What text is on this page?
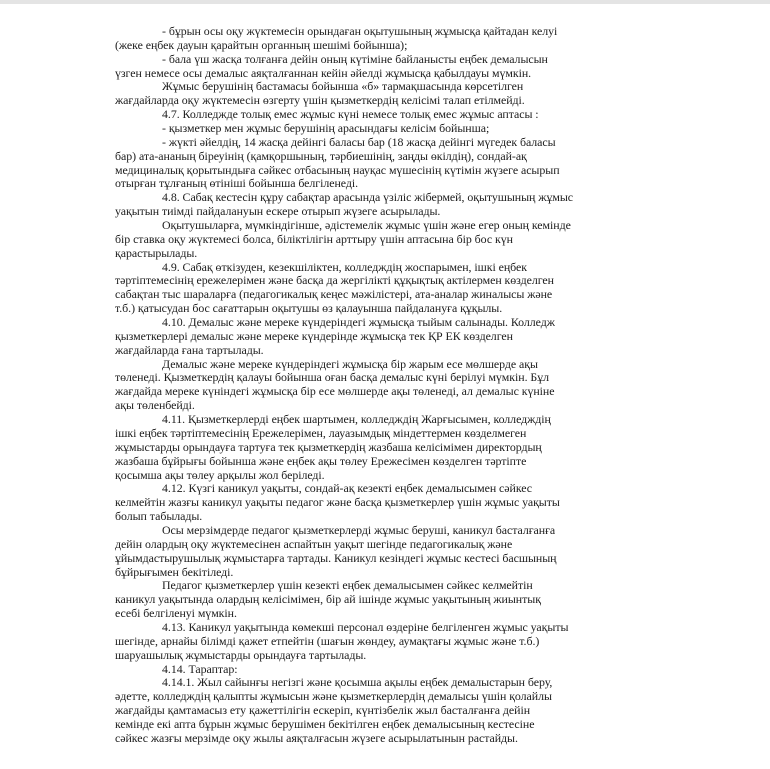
- бұрын осы оқу жүктемесін орындаған оқытушының жұмысқа қайтадан келуі
(жеке еңбек дауын қарайтын органның шешімі бойынша);
- бала үш жасқа толғанға дейін оның күтіміне байланысты еңбек демалысын
үзген немесе осы демалыс аяқталғаннан кейін әйелді жұмысқа қабылдауы мүмкін.
Жұмыс берушінің бастамасы бойынша «б» тармақшасында көрсетілген
жағдайларда оқу жүктемесін өзгерту үшін қызметкердің келісімі талап етілмейді.
4.7. Колледжде толық емес жұмыс күні немесе толық емес жұмыс аптасы :
- қызметкер мен жұмыс берушінің арасындағы келісім бойынша;
- жүкті әйелдің, 14 жасқа дейінгі баласы бар (18 жасқа дейінгі мүгедек баласы
бар) ата-ананың біреуінің (қамқоршының, тәрбиешінің, заңды өкілдің), сондай-ақ
медициналық қорытындыға сәйкес отбасының науқас мүшесінің күтімін жүзеге асырып
отырған тұлғаның өтініші бойынша белгіленеді.
4.8. Сабақ кестесін құру сабақтар арасында үзіліс жібермей, оқытушының жұмыс
уақытын тиімді пайдалануын ескере отырып жүзеге асырылады.
Оқытушыларға, мүмкіндігінше, әдістемелік жұмыс үшін және егер оның кемінде
бір ставка оқу жүктемесі болса, біліктілігін арттыру үшін аптасына бір бос күн
қарастырылады.
4.9. Сабақ өткізуден, кезекшіліктен, колледждің жоспарымен, ішкі еңбек
тәртіптемесінің ережелерімен және басқа да жергілікті құқықтық актілермен көзделген
сабақтан тыс шараларға (педагогикалық кеңес мәжілістері, ата-аналар жиналысы және
т.б.) қатысудан бос сағаттарын оқытушы өз қалауынша пайдалануға құқылы.
4.10. Демалыс және мереке күндеріндегі жұмысқа тыйым салынады. Колледж
қызметкерлері демалыс және мереке күндерінде жұмысқа тек ҚР ЕК көзделген
жағдайларда ғана тартылады.
Демалыс және мереке күндеріндегі жұмысқа бір жарым есе мөлшерде ақы
төленеді. Қызметкердің қалауы бойынша оған басқа демалыс күні берілуі мүмкін. Бұл
жағдайда мереке күніндегі жұмысқа бір есе мөлшерде ақы төленеді, ал демалыс күніне
ақы төленбейді.
4.11. Қызметкерлерді еңбек шартымен, колледждің Жарғысымен, колледждің
ішкі еңбек тәртіптемесінің Ережелерімен, лауазымдық міндеттермен көзделмеген
жұмыстарды орындауға тартуға тек қызметкердің жазбаша келісімімен директордың
жазбаша бұйрығы бойынша және еңбек ақы төлеу Ережесімен көзделген тәртіпте
қосымша ақы төлеу арқылы жол беріледі.
4.12. Күзгі каникул уақыты, сондай-ақ кезекті еңбек демалысымен сәйкес
келмейтін жазғы каникул уақыты педагог және басқа қызметкерлер үшін жұмыс уақыты
болып табылады.
Осы мерзімдерде педагог қызметкерлерді жұмыс берушi, каникул басталғанға
дейін олардың оқу жүктемесінен аспайтын уақыт шегінде педагогикалық және
ұйымдастырушылық жұмыстарға тартады. Каникул кезіндегі жұмыс кестесі басшының
бұйрығымен бекітіледі.
Педагог қызметкерлер үшін кезекті еңбек демалысымен сәйкес келмейтін
каникул уақытында олардың келісімімен, бір ай ішінде жұмыс уақытының жиынтық
есебі белгіленуі мүмкін.
4.13. Каникул уақытында көмекші персонал өздеріне белгіленген жұмыс уақыты
шегінде, арнайы білімді қажет етпейтін (шағын жөндеу, аумақтағы жұмыс және т.б.)
шаруашылық жұмыстарды орындауға тартылады.
4.14. Тараптар:
4.14.1. Жыл сайынғы негізгі және қосымша ақылы еңбек демалыстарын беру,
әдетте, колледждің қалыпты жұмысын және қызметкерлердің демалысы үшін қолайлы
жағдайды қамтамасыз ету қажеттілігін ескеріп, күнтізбелік жыл басталғанға дейін
кемінде екі апта бұрын жұмыс берушімен бекітілген еңбек демалысының кестесіне
сәйкес жазғы мерзімде оқу жылы аяқталғасын жүзеге асырылатынын растайды.
